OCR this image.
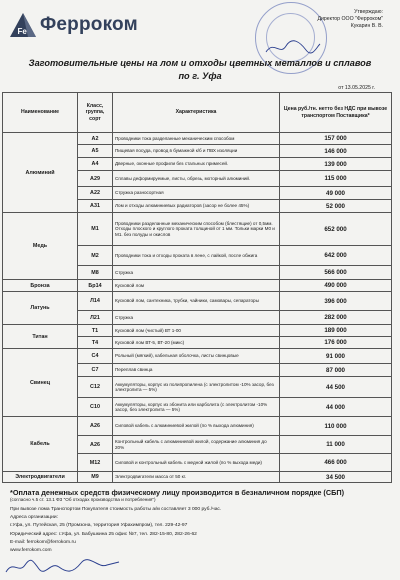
Fe Ферроком
Утверждаю:
Директор ООО "Ферроком"
Кукарин В. В.
Заготовительные цены на лом и отходы цветных металлов и сплавов
по г. Уфа
от 13.05.2025 г.
Наименование	Класс, группа, сорт	Характеристика	Цена руб./тн. нетто без НДС при вывозе транспортом Поставщика*
Алюминий	А2	Проводники тока разделанные механическим способом	157 000
	А5	Пищевая посуда, провод в бумажной к/б и ПВХ изоляции	146 000
	А4	Дверные, оконные профили без стальных примесей.	139 000
	А29	Сплавы деформируемые, листы, обрезь, моторный алюминий.	115 000
	А22	Стружка разносортная	49 000
	А31	Лом и отходы алюминиевых радиаторов (засор не более 45%)	52 000
Медь	М1	Проводники разделанные механическим способом (блестящие) от 0,5мм. Отходы плоского и круглого проката толщиной от 1 мм. Тольки марки М0 и М1. без полуды и окислов	652 000
	М2	Проводники тока и отходы проката в лене, с лайкой, после обжига	642 000
	М8	Стружка	566 000
Бронза	Бр14	Кусковой лом	490 000
Латунь	Л14	Кусковой лом, сантехника, трубки, чайники, самовары, сепараторы	396 000
	Л21	Стружка	282 000
Титан	Т1	Кусковой лом (чистый) ВТ 1-00	189 000
	Т4	Кусковой лом ВТ-5, ВТ-20 (микс)	176 000
Свинец	С4	Рольный (мягкий), кабельная оболочка, листы свинцовые	91 000
	С7	Переплав свинца	87 000
	С12	Аккумуляторы, корпус из полипропилена (с электролитом -10% засор, без электролита — 5%)	44 500
	С10	Аккумуляторы, корпус из эбонита или карболита (с электролитом -10% засор, без электролита — 5%)	44 000
Кабель	А26	Силовой кабель с алюминиевой жилой (по % выхода алюминия)	110 000
	А26	Контрольный кабель с алюминиевой жилой, содержание алюминия до 20%	11 000
	М12	Силовой и контрольный кабель с медной жилой (по % выхода меди)	466 000
Электродвигатели	М9	Электродвигатели масса от 50 кг.	34 500
*Оплата денежных средств физическому лицу производится в безналичном порядке (СБП)
(согласно ч.5 ст. 13.1 ФЗ "Об отходах производства и потребления")
При вывозе лома Транспортом Покупателя стоимость работы а/м составляет 3 000 руб./час.
Адреса организации:
г.Уфа, ул. Путейская, 25 (Промзона, территория Уфахимпром), тел. 229-42-97
Юридический адрес: г.Уфа, ул. Бабушкина 25 офис №7, тел. 282-15-80, 282-26-62
E-mail: ferrokom@ferrokom.ru
www.ferrokom.com
